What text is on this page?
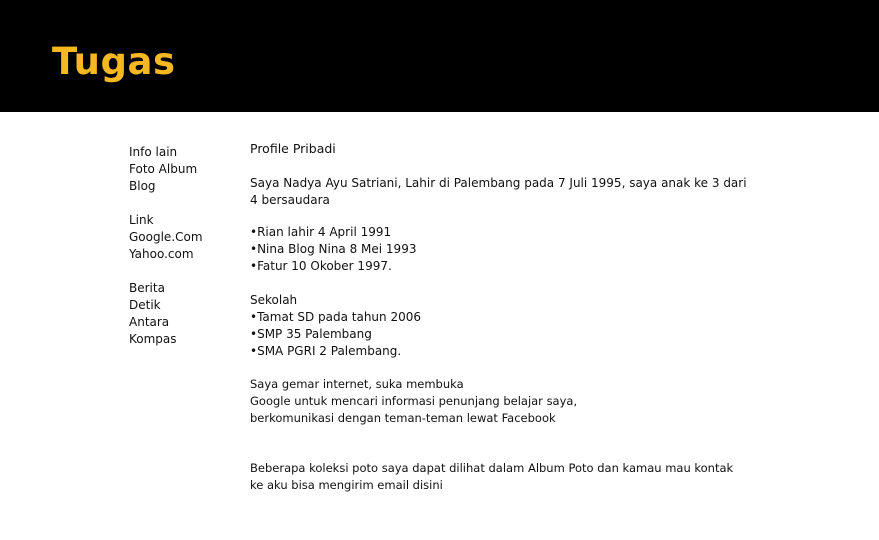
Tugas
Info lain
Foto Album
Blog
Link
Google.Com
Yahoo.com
Berita
Detik
Antara
Kompas
Profile Pribadi
Saya Nadya Ayu Satriani, Lahir di Palembang pada 7 Juli 1995, saya anak ke 3 dari 4 bersaudara
•Rian lahir 4 April 1991
•Nina Blog Nina 8 Mei 1993
•Fatur 10 Okober 1997.
Sekolah
•Tamat SD pada tahun 2006
•SMP 35 Palembang
•SMA PGRI 2 Palembang.
Saya gemar internet, suka membuka
Google untuk mencari informasi penunjang belajar saya,
berkomunikasi dengan teman-teman lewat Facebook
Beberapa koleksi poto saya dapat dilihat dalam Album Poto dan kamau mau kontak ke aku bisa mengirim email disini
